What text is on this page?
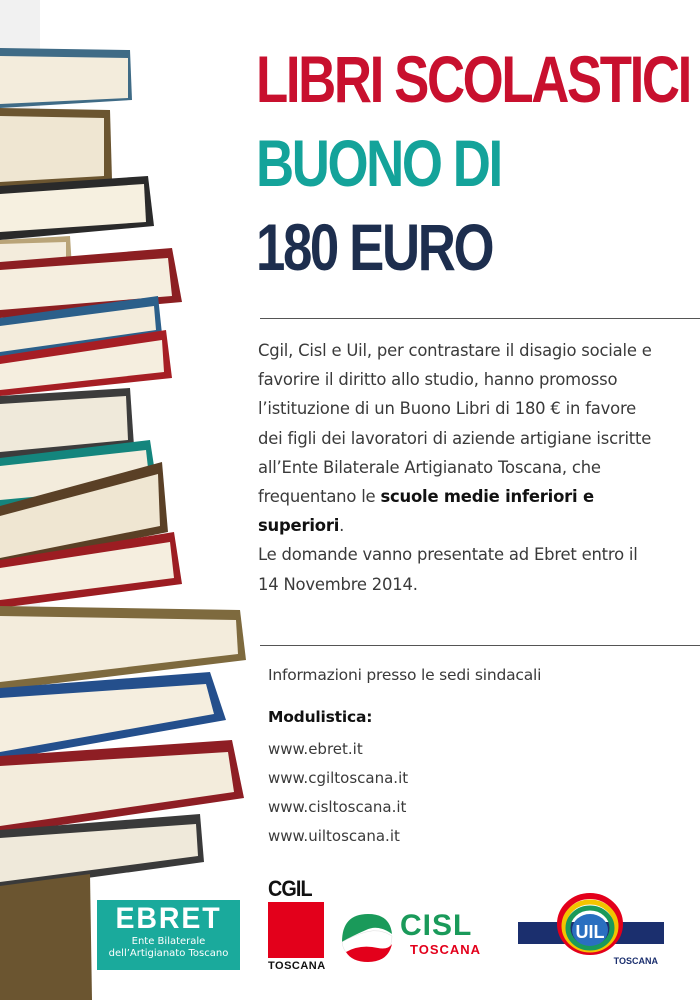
LIBRI SCOLASTICI
BUONO DI
180 EURO
Cgil, Cisl e Uil, per contrastare il disagio sociale e
favorire il diritto allo studio, hanno promosso
l’istituzione di un Buono Libri di 180 € in favore
dei figli dei lavoratori di aziende artigiane iscritte
all’Ente Bilaterale Artigianato Toscana, che
frequentano le scuole medie inferiori e
superiori.
Le domande vanno presentate ad Ebret entro il
14 Novembre 2014.
Informazioni presso le sedi sindacali
Modulistica:
www.ebret.it
www.cgiltoscana.it
www.cisltoscana.it
www.uiltoscana.it
EBRET
Ente Bilaterale
dell’Artigianato Toscano
CGIL
TOSCANA
CISL
TOSCANA
UIL
TOSCANA
